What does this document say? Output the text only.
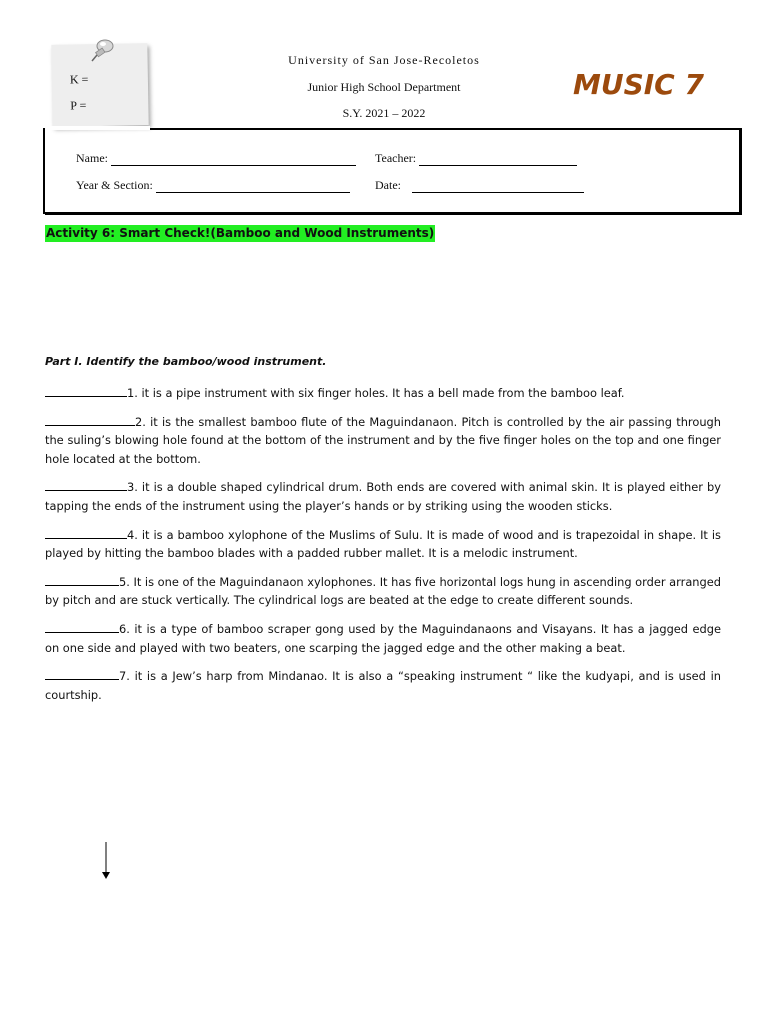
K =
P =
University of San Jose-Recoletos
Junior High School Department
S.Y. 2021 – 2022
MUSIC 7
Name:	Teacher:
Year & Section:	Date:
Activity 6: Smart Check!(Bamboo and Wood Instruments)
Part I. Identify the bamboo/wood instrument.
1. it is a pipe instrument with six finger holes. It has a bell made from the bamboo leaf.
2. it is the smallest bamboo flute of the Maguindanaon. Pitch is controlled by the air passing through the suling’s blowing hole found at the bottom of the instrument and by the five finger holes on the top and one finger hole located at the bottom.
3. it is a double shaped cylindrical drum. Both ends are covered with animal skin. It is played either by tapping the ends of the instrument using the player’s hands or by striking using the wooden sticks.
4. it is a bamboo xylophone of the Muslims of Sulu. It is made of wood and is trapezoidal in shape. It is played by hitting the bamboo blades with a padded rubber mallet. It is a melodic instrument.
5. It is one of the Maguindanaon xylophones. It has five horizontal logs hung in ascending order arranged by pitch and are stuck vertically. The cylindrical logs are beated at the edge to create different sounds.
6. it is a type of bamboo scraper gong used by the Maguindanaons and Visayans. It has a jagged edge on one side and played with two beaters, one scarping the jagged edge and the other making a beat.
7. it is a Jew’s harp from Mindanao. It is also a “speaking instrument “ like the kudyapi, and is used in courtship.
